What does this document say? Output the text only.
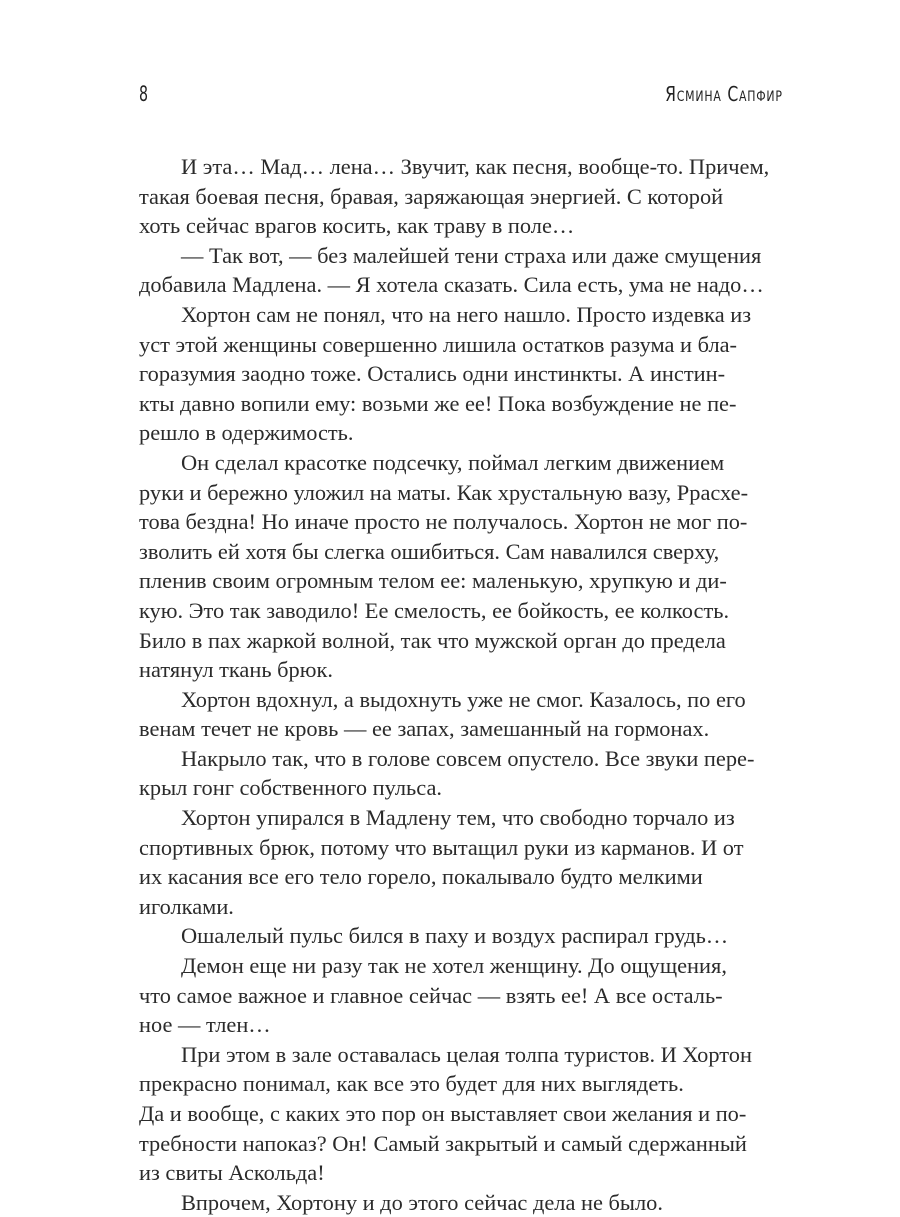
8	Ясмина Сапфир
И эта… Мад… лена… Звучит, как песня, вообще-то. Причем,
такая боевая песня, бравая, заряжающая энергией. С которой
хоть сейчас врагов косить, как траву в поле…
— Так вот, — без малейшей тени страха или даже смущения
добавила Мадлена. — Я хотела сказать. Сила есть, ума не надо…
Хортон сам не понял, что на него нашло. Просто издевка из
уст этой женщины совершенно лишила остатков разума и бла-
горазумия заодно тоже. Остались одни инстинкты. А инстин-
кты давно вопили ему: возьми же ее! Пока возбуждение не пе-
решло в одержимость.
Он сделал красотке подсечку, поймал легким движением
руки и бережно уложил на маты. Как хрустальную вазу, Ррасхе-
това бездна! Но иначе просто не получалось. Хортон не мог по-
зволить ей хотя бы слегка ошибиться. Сам навалился сверху,
пленив своим огромным телом ее: маленькую, хрупкую и ди-
кую. Это так заводило! Ее смелость, ее бойкость, ее колкость.
Било в пах жаркой волной, так что мужской орган до предела
натянул ткань брюк.
Хортон вдохнул, а выдохнуть уже не смог. Казалось, по его
венам течет не кровь — ее запах, замешанный на гормонах.
Накрыло так, что в голове совсем опустело. Все звуки пере-
крыл гонг собственного пульса.
Хортон упирался в Мадлену тем, что свободно торчало из
спортивных брюк, потому что вытащил руки из карманов. И от
их касания все его тело горело, покалывало будто мелкими
иголками.
Ошалелый пульс бился в паху и воздух распирал грудь…
Демон еще ни разу так не хотел женщину. До ощущения,
что самое важное и главное сейчас — взять ее! А все осталь-
ное — тлен…
При этом в зале оставалась целая толпа туристов. И Хортон
прекрасно понимал, как все это будет для них выглядеть.
Да и вообще, с каких это пор он выставляет свои желания и по-
требности напоказ? Он! Самый закрытый и самый сдержанный
из свиты Аскольда!
Впрочем, Хортону и до этого сейчас дела не было.
